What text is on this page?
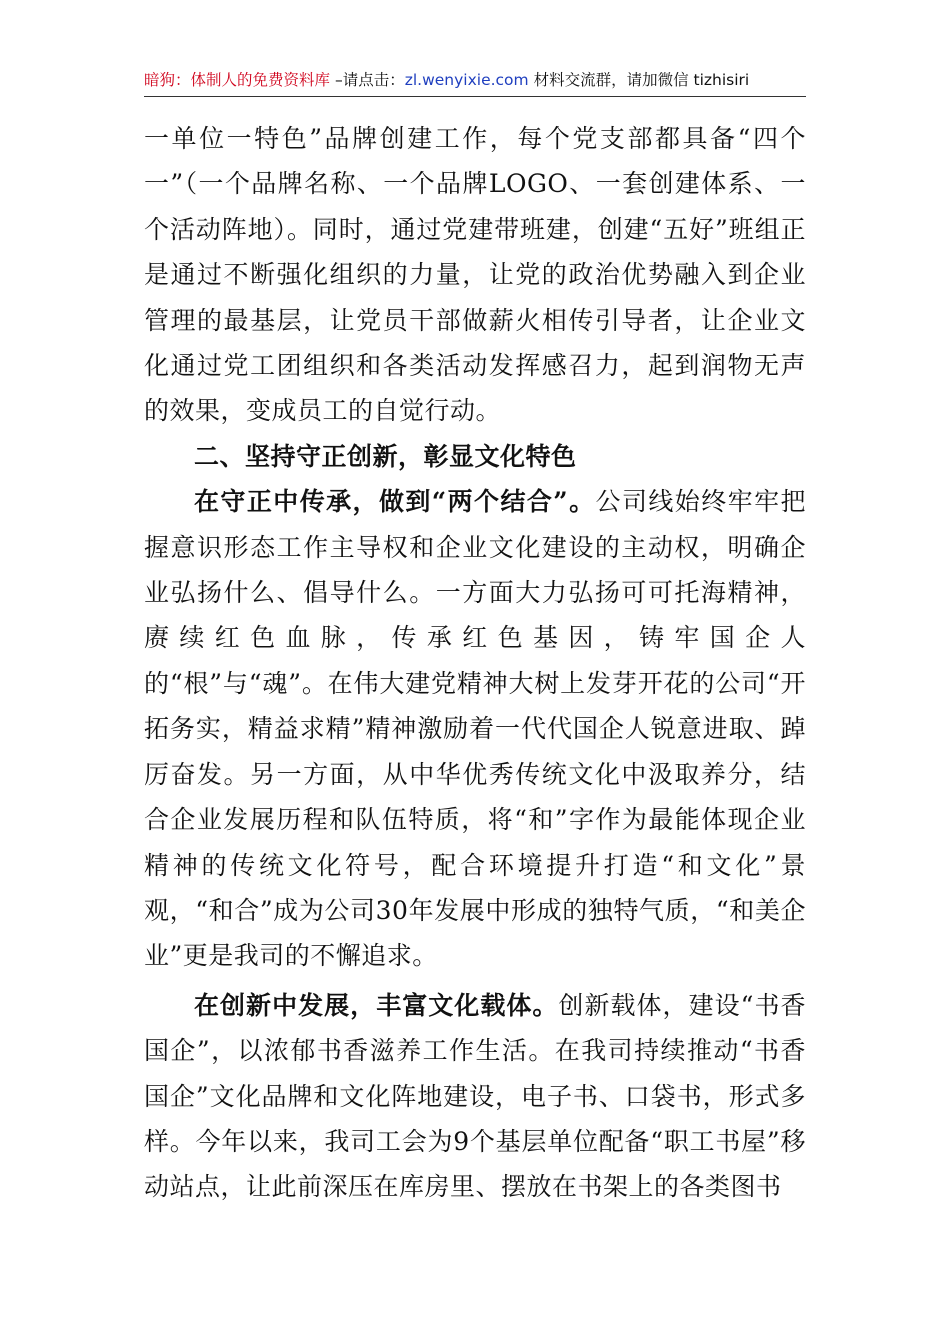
暗狗：体制人的免费资料库 –请点击：zl.wenyixie.com 材料交流群，请加微信 tizhisiri

一单位一特色”品牌创建工作，每个党支部都具备“四个一”（一个品牌名称、一个品牌LOGO、一套创建体系、一个活动阵地）。同时，通过党建带班建，创建“五好”班组正是通过不断强化组织的力量，让党的政治优势融入到企业管理的最基层，让党员干部做薪火相传引导者，让企业文化通过党工团组织和各类活动发挥感召力，起到润物无声的效果，变成员工的自觉行动。

二、坚持守正创新，彰显文化特色

在守正中传承，做到“两个结合”。公司线始终牢牢把握意识形态工作主导权和企业文化建设的主动权，明确企业弘扬什么、倡导什么。一方面大力弘扬可可托海精神，赓续红色血脉，传承红色基因，铸牢国企人的“根”与“魂”。在伟大建党精神大树上发芽开花的公司“开拓务实，精益求精”精神激励着一代代国企人锐意进取、踔厉奋发。另一方面，从中华优秀传统文化中汲取养分，结合企业发展历程和队伍特质，将“和”字作为最能体现企业精神的传统文化符号，配合环境提升打造“和文化”景观，“和合”成为公司30年发展中形成的独特气质，“和美企业”更是我司的不懈追求。

在创新中发展，丰富文化载体。创新载体，建设“书香国企”，以浓郁书香滋养工作生活。在我司持续推动“书香国企”文化品牌和文化阵地建设，电子书、口袋书，形式多样。今年以来，我司工会为9个基层单位配备“职工书屋”移动站点，让此前深压在库房里、摆放在书架上的各类图书
